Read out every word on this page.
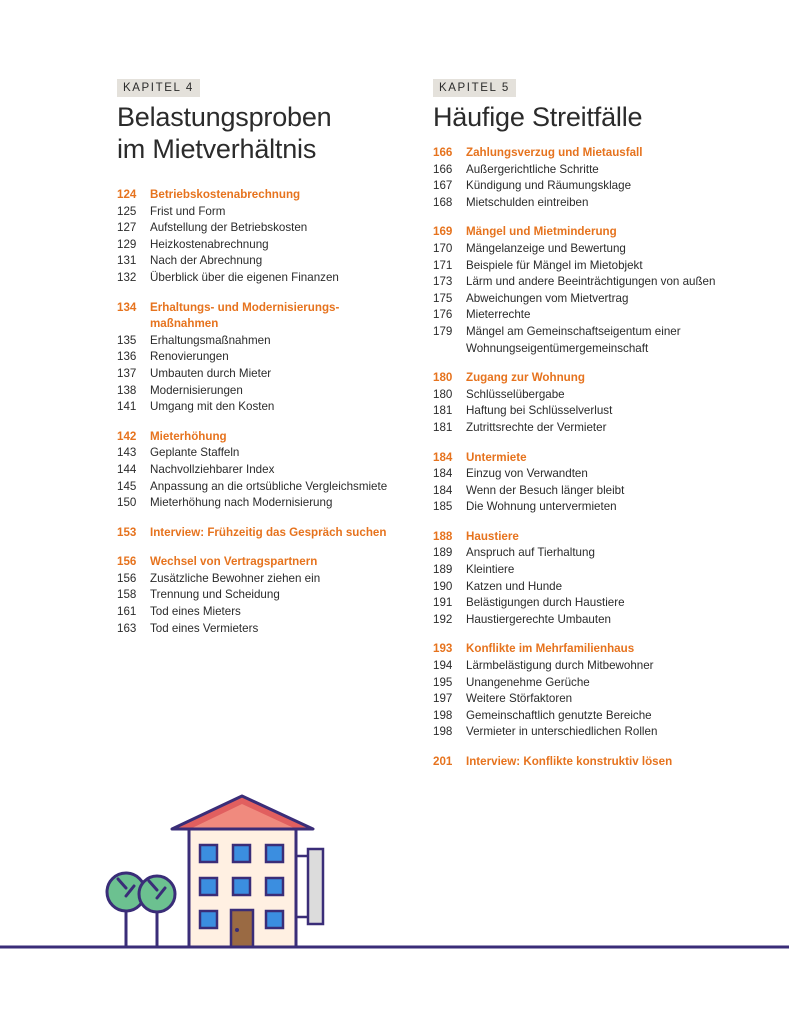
KAPITEL 4
Belastungsproben
im Mietverhältnis
124	Betriebskostenabrechnung
125	Frist und Form
127	Aufstellung der Betriebskosten
129	Heizkostenabrechnung
131	Nach der Abrechnung
132	Überblick über die eigenen Finanzen
134	Erhaltungs- und Modernisierungs-
maßnahmen
135	Erhaltungsmaßnahmen
136	Renovierungen
137	Umbauten durch Mieter
138	Modernisierungen
141	Umgang mit den Kosten
142	Mieterhöhung
143	Geplante Staffeln
144	Nachvollziehbarer Index
145	Anpassung an die ortsübliche Vergleichsmiete
150	Mieterhöhung nach Modernisierung
153	Interview: Frühzeitig das Gespräch suchen
156	Wechsel von Vertragspartnern
156	Zusätzliche Bewohner ziehen ein
158	Trennung und Scheidung
161	Tod eines Mieters
163	Tod eines Vermieters
KAPITEL 5
Häufige Streitfälle
166	Zahlungsverzug und Mietausfall
166	Außergerichtliche Schritte
167	Kündigung und Räumungsklage
168	Mietschulden eintreiben
169	Mängel und Mietminderung
170	Mängelanzeige und Bewertung
171	Beispiele für Mängel im Mietobjekt
173	Lärm und andere Beeinträchtigungen von außen
175	Abweichungen vom Mietvertrag
176	Mieterrechte
179	Mängel am Gemeinschaftseigentum einer
Wohnungseigentümergemeinschaft
180	Zugang zur Wohnung
180	Schlüsselübergabe
181	Haftung bei Schlüsselverlust
181	Zutrittsrechte der Vermieter
184	Untermiete
184	Einzug von Verwandten
184	Wenn der Besuch länger bleibt
185	Die Wohnung untervermieten
188	Haustiere
189	Anspruch auf Tierhaltung
189	Kleintiere
190	Katzen und Hunde
191	Belästigungen durch Haustiere
192	Haustiergerechte Umbauten
193	Konflikte im Mehrfamilienhaus
194	Lärmbelästigung durch Mitbewohner
195	Unangenehme Gerüche
197	Weitere Störfaktoren
198	Gemeinschaftlich genutzte Bereiche
198	Vermieter in unterschiedlichen Rollen
201	Interview: Konflikte konstruktiv lösen
